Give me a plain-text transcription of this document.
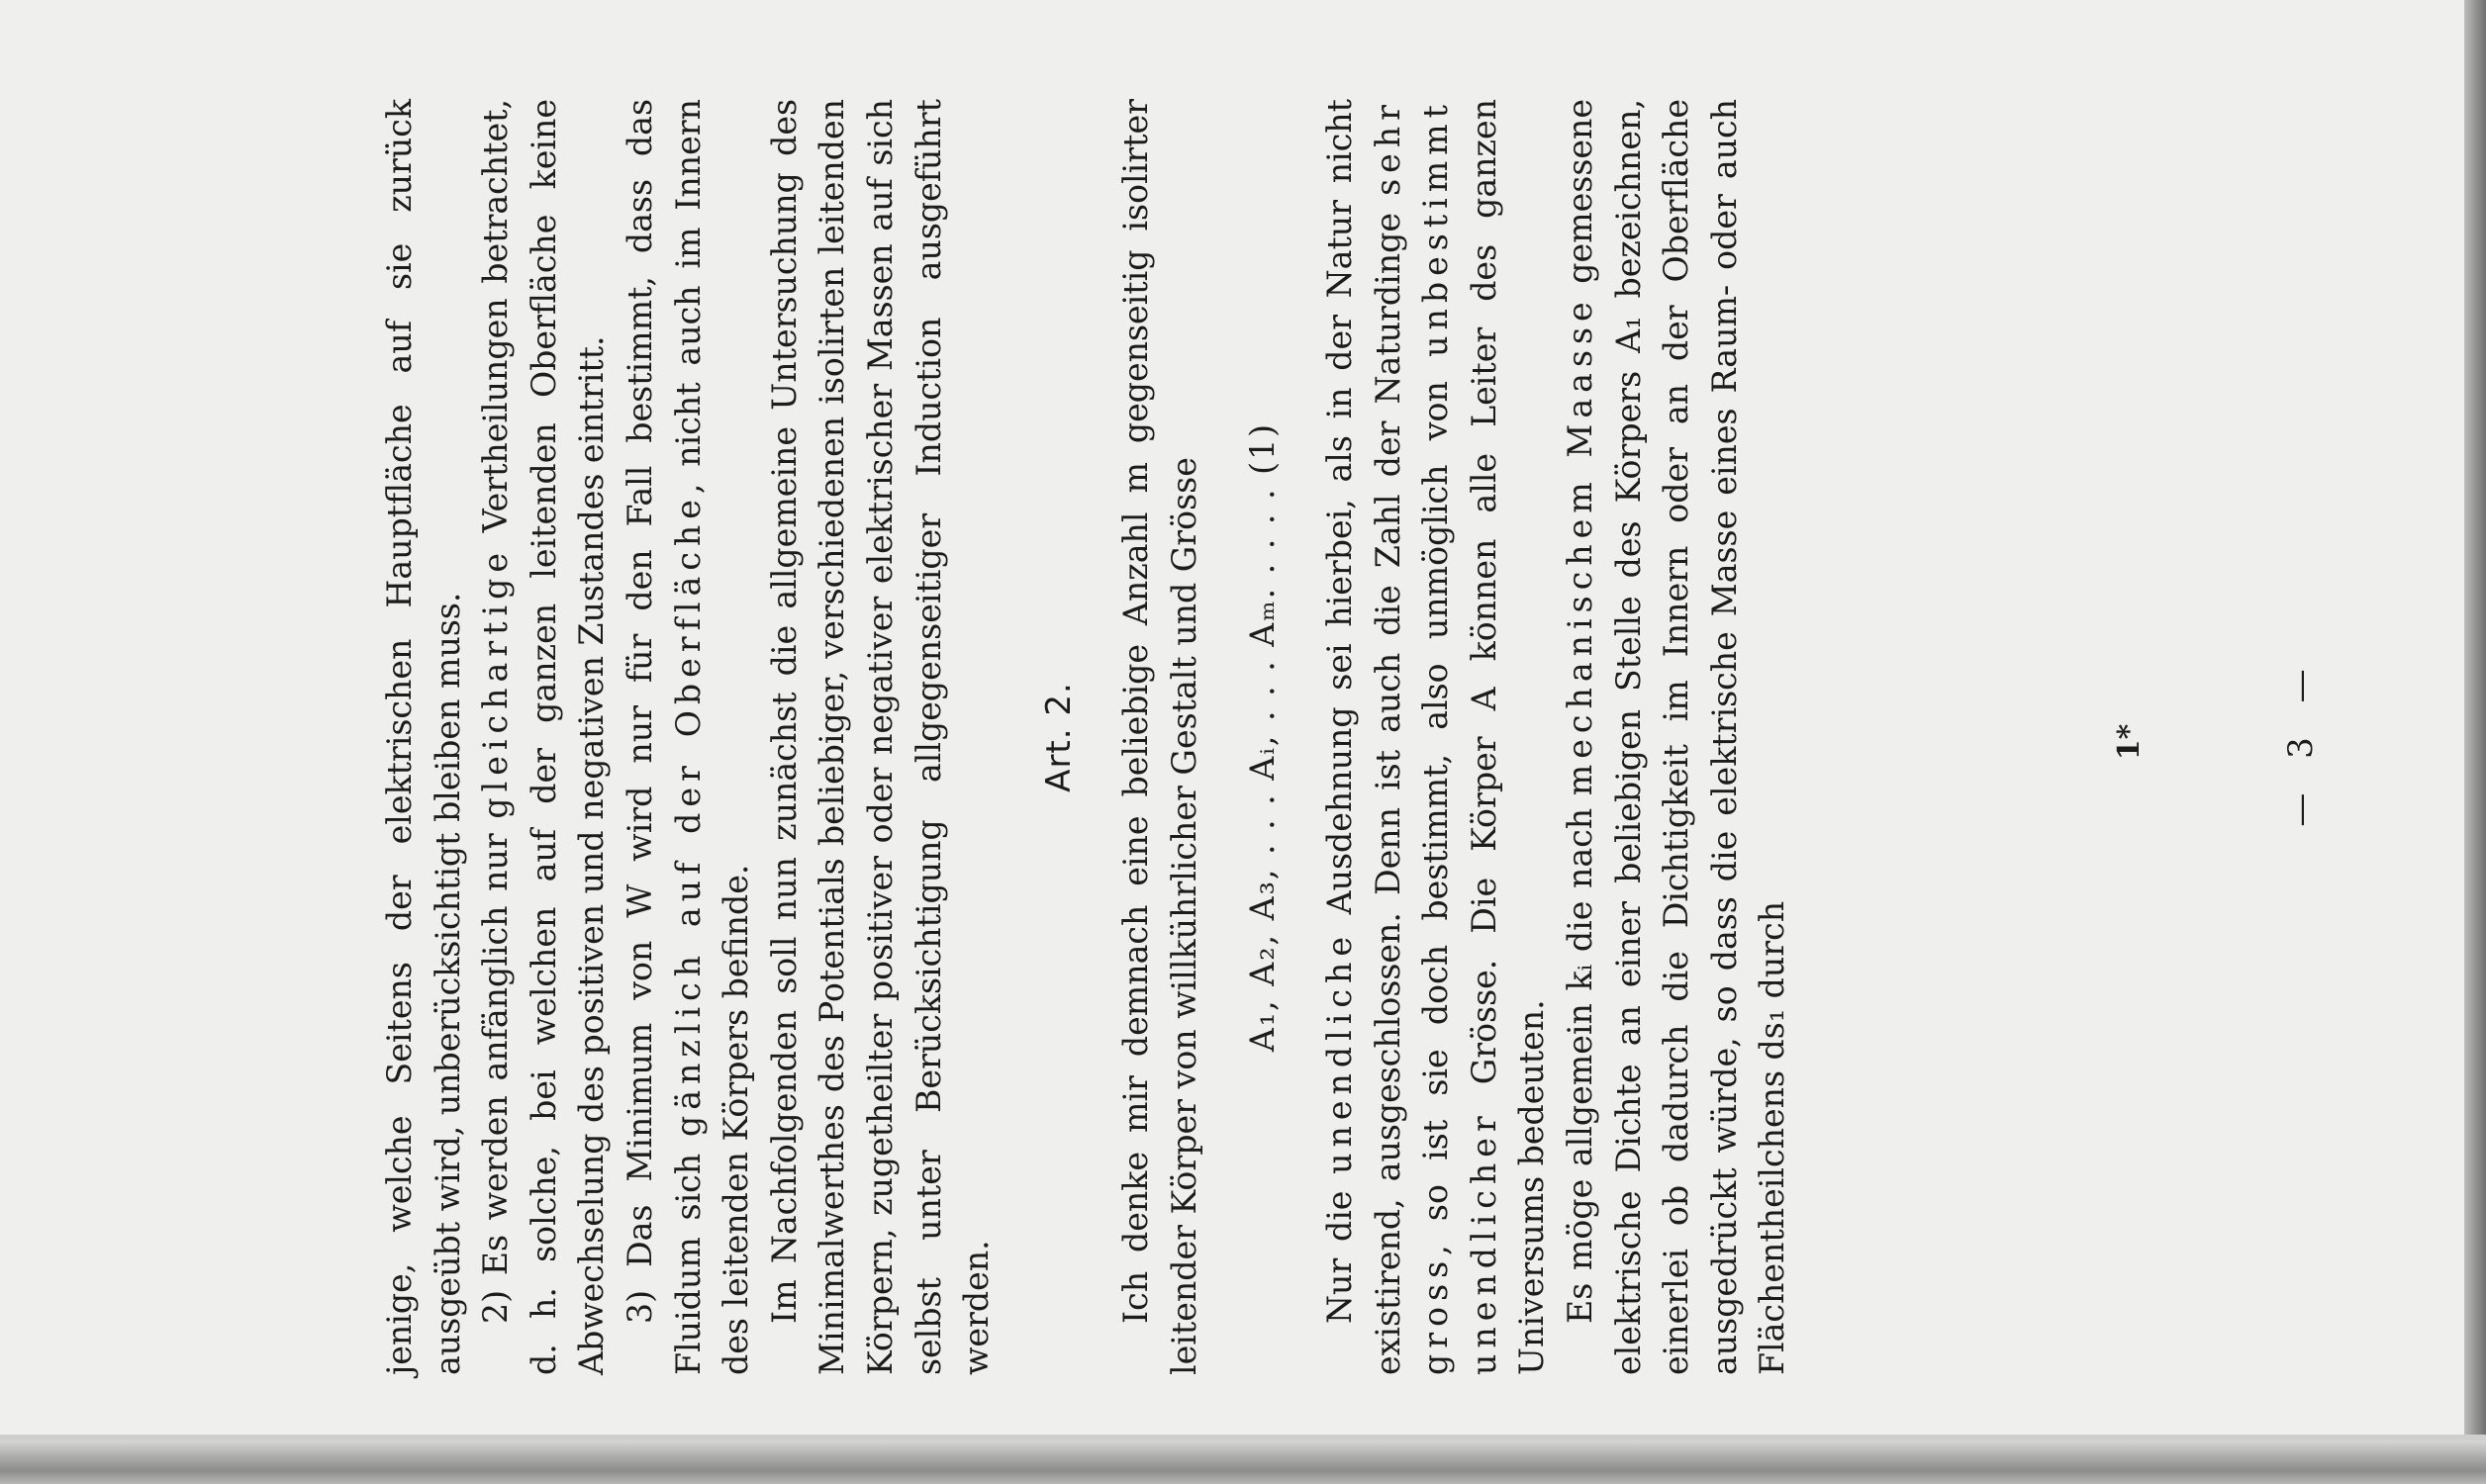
— 3 —

jenige, welche Seitens der elektrischen Hauptfläche auf sie zurück ausgeübt wird, unberücksichtigt bleiben muss. 2) Es werden anfänglich nur gleichartige Vertheilungen betrachtet, d. h. solche, bei welchen auf der ganzen leitenden Oberfläche keine Abwechselung des positiven und negativen Zustandes eintritt. 3) Das Minimum von W wird nur für den Fall bestimmt, dass das Fluidum sich gänzlich auf der Oberfläche, nicht auch im Innern des leitenden Körpers befinde. Im Nachfolgenden soll nun zunächst die allgemeine Untersuchung des Minimalwerthes des Potentials beliebiger, verschiedenen isolirten leitenden Körpern, zugetheilter positiver oder negativer elektrischer Massen auf sich selbst unter Berücksichtigung allgegenseitiger Induction ausgeführt werden.

Art. 2. Ich denke mir demnach eine beliebige Anzahl m gegenseitig isolirter leitender Körper von willkührlicher Gestalt und Grösse A₁, A₂, A₃, . . . Aᵢ, . . . Aₘ. . . . . (1)

Nur die unendliche Ausdehnung sei hierbei, als in der Natur nicht existirend, ausgeschlossen. Denn ist auch die Zahl der Naturdinge sehr gross, so ist sie doch bestimmt, also unmöglich von unbestimmt unendlicher Grösse. Die Körper A können alle Leiter des ganzen Universums bedeuten. Es möge allgemein kᵢ die nach mechanischem Maasse gemessene elektrische Dichte an einer beliebigen Stelle des Körpers A₁ bezeichnen, einerlei ob dadurch die Dichtigkeit im Innern oder an der Oberfläche ausgedrückt würde, so dass die elektrische Masse eines Raum- oder auch Flächentheilchens ds₁ durch

1*
